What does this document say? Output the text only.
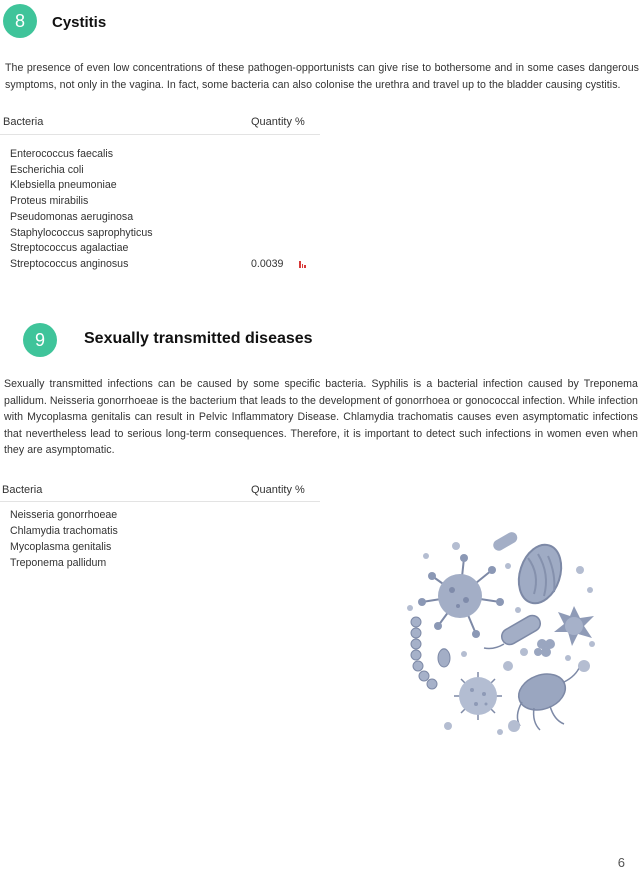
8 Cystitis
The presence of even low concentrations of these pathogen-opportunists can give rise to bothersome and in some cases dangerous symptoms, not only in the vagina. In fact, some bacteria can also colonise the urethra and travel up to the bladder causing cystitis.
Bacteria	Quantity %
Enterococcus faecalis
Escherichia coli
Klebsiella pneumoniae
Proteus mirabilis
Pseudomonas aeruginosa
Staphylococcus saprophyticus
Streptococcus agalactiae
Streptococcus anginosus	0.0039
9 Sexually transmitted diseases
Sexually transmitted infections can be caused by some specific bacteria. Syphilis is a bacterial infection caused by Treponema pallidum. Neisseria gonorrhoeae is the bacterium that leads to the development of gonorrhoea or gonococcal infection. While infection with Mycoplasma genitalis can result in Pelvic Inflammatory Disease. Chlamydia trachomatis causes even asymptomatic infections that nevertheless lead to serious long-term consequences. Therefore, it is important to detect such infections in women even when they are asymptomatic.
Bacteria	Quantity %
Neisseria gonorrhoeae
Chlamydia trachomatis
Mycoplasma genitalis
Treponema pallidum
6
